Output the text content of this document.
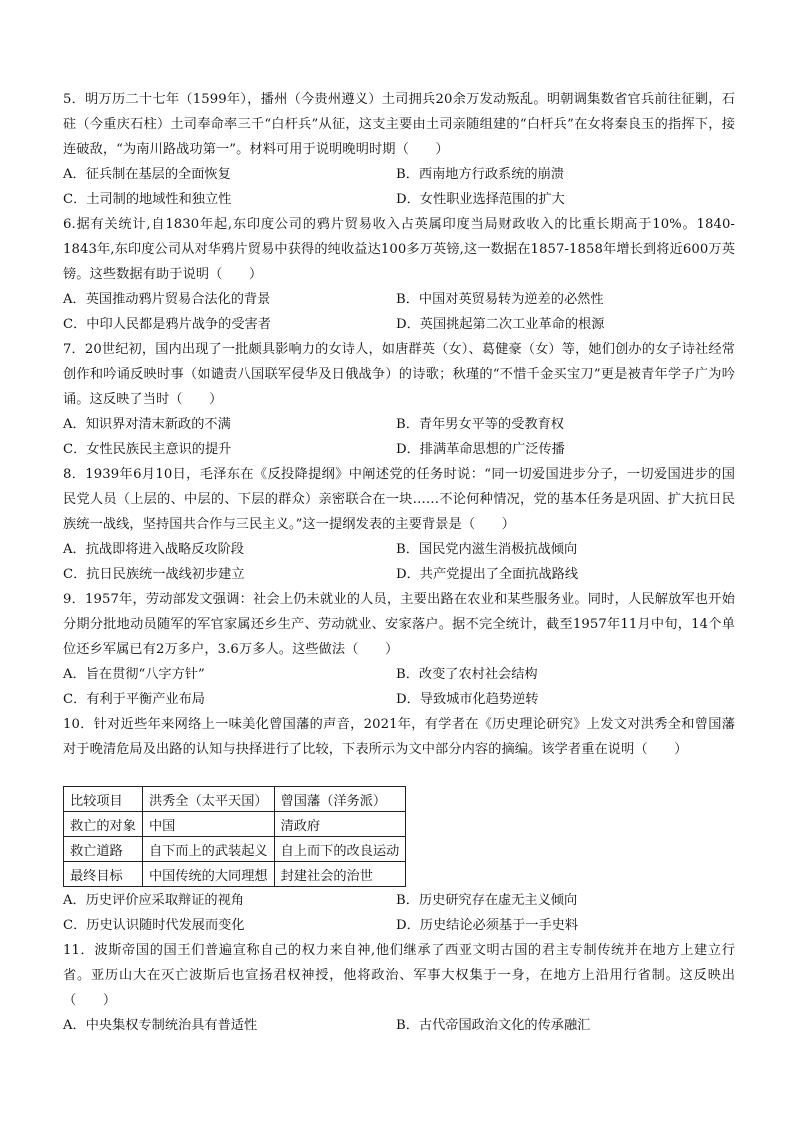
5．明万历二十七年（1599年），播州（今贵州遵义）土司拥兵20余万发动叛乱。明朝调集数省官兵前往征剿，石砫（今重庆石柱）土司奉命率三千“白杆兵”从征，这支主要由土司亲随组建的“白杆兵”在女将秦良玉的指挥下，接连破敌，“为南川路战功第一”。材料可用于说明晚明时期（　　）
A．征兵制在基层的全面恢复	B．西南地方行政系统的崩溃
C．土司制的地域性和独立性	D．女性职业选择范围的扩大
6.据有关统计,自1830年起,东印度公司的鸦片贸易收入占英属印度当局财政收入的比重长期高于10%。1840-1843年,东印度公司从对华鸦片贸易中获得的纯收益达100多万英镑,这一数据在1857-1858年增长到将近600万英镑。这些数据有助于说明（　　）
A．英国推动鸦片贸易合法化的背景	B．中国对英贸易转为逆差的必然性
C．中印人民都是鸦片战争的受害者	D．英国挑起第二次工业革命的根源
7．20世纪初，国内出现了一批颇具影响力的女诗人，如唐群英（女）、葛健豪（女）等，她们创办的女子诗社经常创作和吟诵反映时事（如谴责八国联军侵华及日俄战争）的诗歌；秋瑾的“不惜千金买宝刀”更是被青年学子广为吟诵。这反映了当时（　　）
A．知识界对清末新政的不满	B．青年男女平等的受教育权
C．女性民族民主意识的提升	D．排满革命思想的广泛传播
8．1939年6月10日，毛泽东在《反投降提纲》中阐述党的任务时说：“同一切爱国进步分子，一切爱国进步的国民党人员（上层的、中层的、下层的群众）亲密联合在一块……不论何种情况，党的基本任务是巩固、扩大抗日民族统一战线，坚持国共合作与三民主义。”这一提纲发表的主要背景是（　　）
A．抗战即将进入战略反攻阶段	B．国民党内滋生消极抗战倾向
C．抗日民族统一战线初步建立	D．共产党提出了全面抗战路线
9．1957年，劳动部发文强调：社会上仍未就业的人员，主要出路在农业和某些服务业。同时，人民解放军也开始分期分批地动员随军的军官家属还乡生产、劳动就业、安家落户。据不完全统计，截至1957年11月中旬，14个单位还乡军属已有2万多户，3.6万多人。这些做法（　　）
A．旨在贯彻“八字方针”	B．改变了农村社会结构
C．有利于平衡产业布局	D．导致城市化趋势逆转
10．针对近些年来网络上一味美化曾国藩的声音，2021年，有学者在《历史理论研究》上发文对洪秀全和曾国藩对于晚清危局及出路的认知与抉择进行了比较，下表所示为文中部分内容的摘编。该学者重在说明（　　）
比较项目	洪秀全（太平天国）	曾国藩（洋务派）
救亡的对象	中国	清政府
救亡道路	自下而上的武装起义	自上而下的改良运动
最终目标	中国传统的大同理想	封建社会的治世
A．历史评价应采取辩证的视角	B．历史研究存在虚无主义倾向
C．历史认识随时代发展而变化	D．历史结论必须基于一手史料
11．波斯帝国的国王们普遍宣称自己的权力来自神,他们继承了西亚文明古国的君主专制传统并在地方上建立行省。亚历山大在灭亡波斯后也宣扬君权神授，他将政治、军事大权集于一身，在地方上沿用行省制。这反映出（　　）
A．中央集权专制统治具有普适性	B．古代帝国政治文化的传承融汇
